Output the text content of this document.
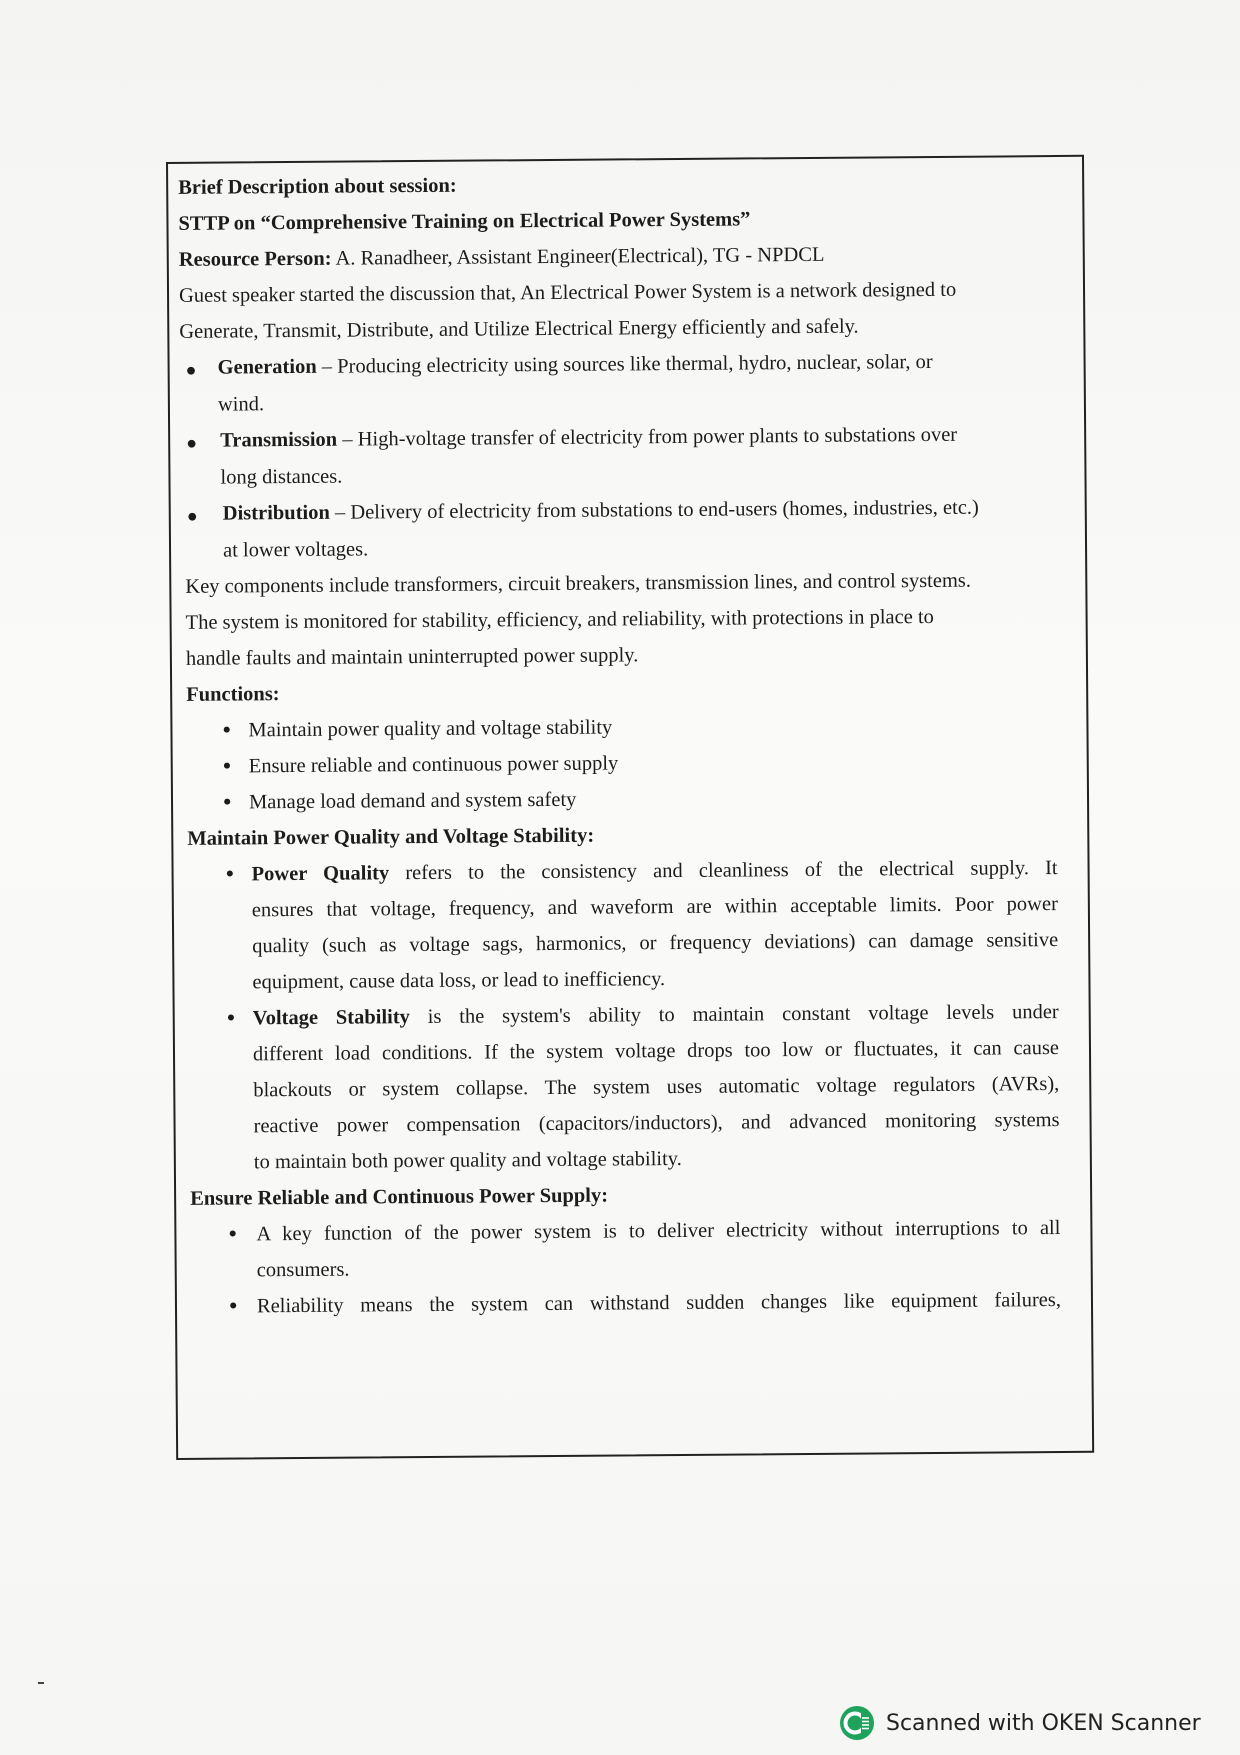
Brief Description about session:
STTP on “Comprehensive Training on Electrical Power Systems”
Resource Person: A. Ranadheer, Assistant Engineer(Electrical), TG - NPDCL
Guest speaker started the discussion that, An Electrical Power System is a network designed to
Generate, Transmit, Distribute, and Utilize Electrical Energy efficiently and safely.
● Generation – Producing electricity using sources like thermal, hydro, nuclear, solar, or
wind.
● Transmission – High-voltage transfer of electricity from power plants to substations over
long distances.
● Distribution – Delivery of electricity from substations to end-users (homes, industries, etc.)
at lower voltages.
Key components include transformers, circuit breakers, transmission lines, and control systems.
The system is monitored for stability, efficiency, and reliability, with protections in place to
handle faults and maintain uninterrupted power supply.
Functions:
● Maintain power quality and voltage stability
● Ensure reliable and continuous power supply
● Manage load demand and system safety
Maintain Power Quality and Voltage Stability:
● Power Quality refers to the consistency and cleanliness of the electrical supply. It
ensures that voltage, frequency, and waveform are within acceptable limits. Poor power
quality (such as voltage sags, harmonics, or frequency deviations) can damage sensitive
equipment, cause data loss, or lead to inefficiency.
● Voltage Stability is the system's ability to maintain constant voltage levels under
different load conditions. If the system voltage drops too low or fluctuates, it can cause
blackouts or system collapse. The system uses automatic voltage regulators (AVRs),
reactive power compensation (capacitors/inductors), and advanced monitoring systems
to maintain both power quality and voltage stability.
Ensure Reliable and Continuous Power Supply:
● A key function of the power system is to deliver electricity without interruptions to all
consumers.
● Reliability means the system can withstand sudden changes like equipment failures,
Scanned with OKEN Scanner
